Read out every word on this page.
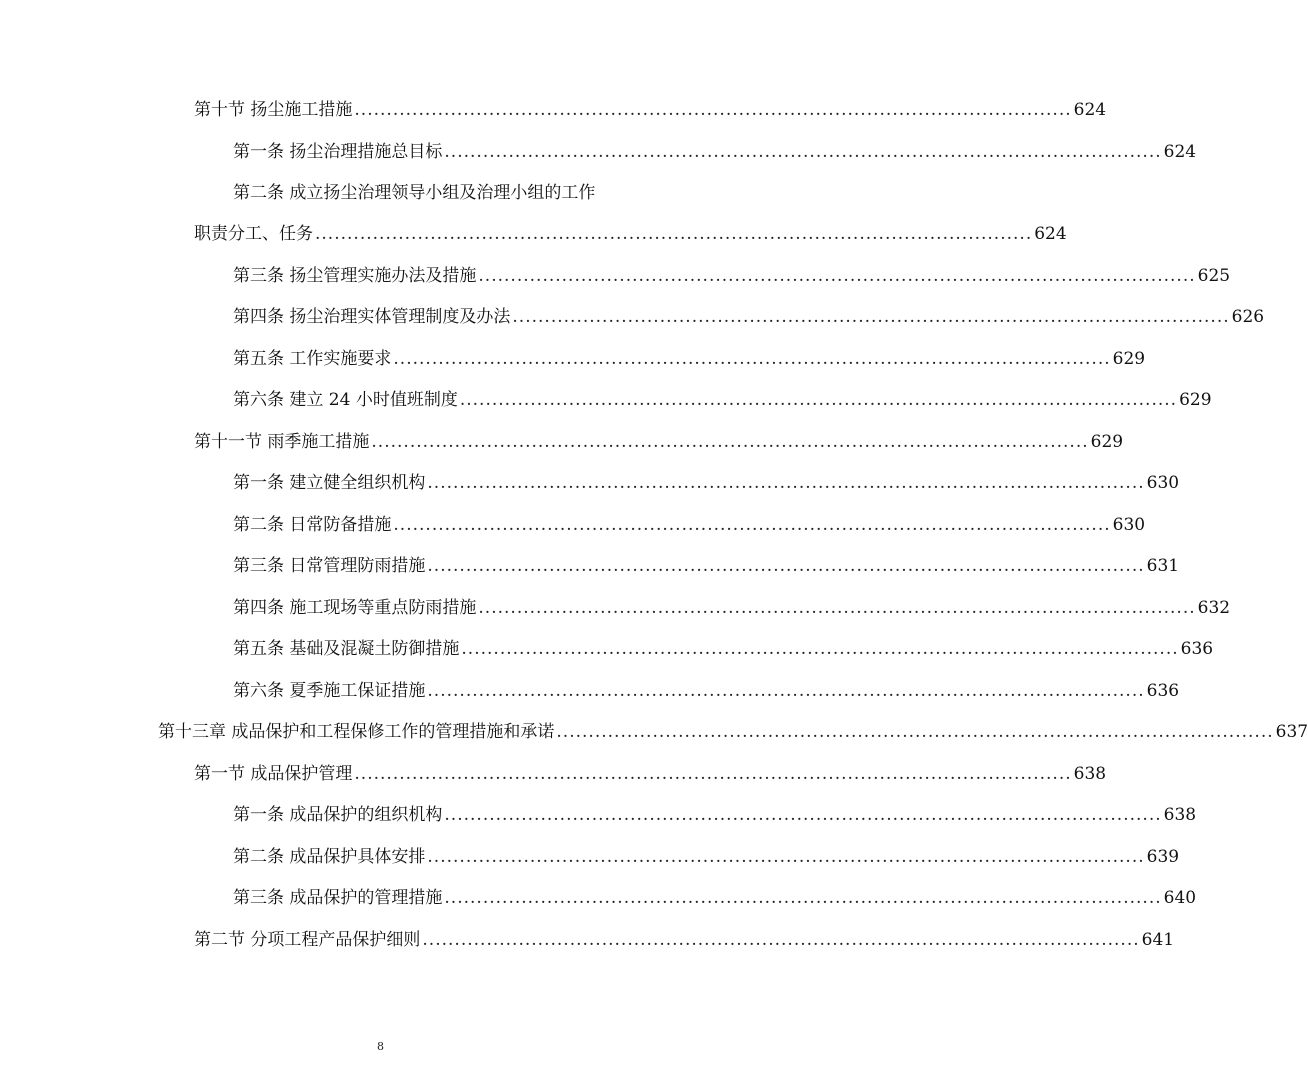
第十节 扬尘施工措施 ................................................................................................................ 624
第一条 扬尘治理措施总目标 ................................................................................................................ 624
第二条 成立扬尘治理领导小组及治理小组的工作
职责分工、任务 ................................................................................................................ 624
第三条 扬尘管理实施办法及措施 ................................................................................................................ 625
第四条 扬尘治理实体管理制度及办法 ................................................................................................................ 626
第五条 工作实施要求 ................................................................................................................ 629
第六条 建立 24 小时值班制度 ................................................................................................................ 629
第十一节 雨季施工措施 ................................................................................................................ 629
第一条 建立健全组织机构 ................................................................................................................ 630
第二条 日常防备措施 ................................................................................................................ 630
第三条 日常管理防雨措施 ................................................................................................................ 631
第四条 施工现场等重点防雨措施 ................................................................................................................ 632
第五条 基础及混凝土防御措施 ................................................................................................................ 636
第六条 夏季施工保证措施 ................................................................................................................ 636
第十三章 成品保护和工程保修工作的管理措施和承诺 ................................................................................................................ 637
第一节 成品保护管理 ................................................................................................................ 638
第一条 成品保护的组织机构 ................................................................................................................ 638
第二条 成品保护具体安排 ................................................................................................................ 639
第三条 成品保护的管理措施 ................................................................................................................ 640
第二节 分项工程产品保护细则 ................................................................................................................ 641
8
